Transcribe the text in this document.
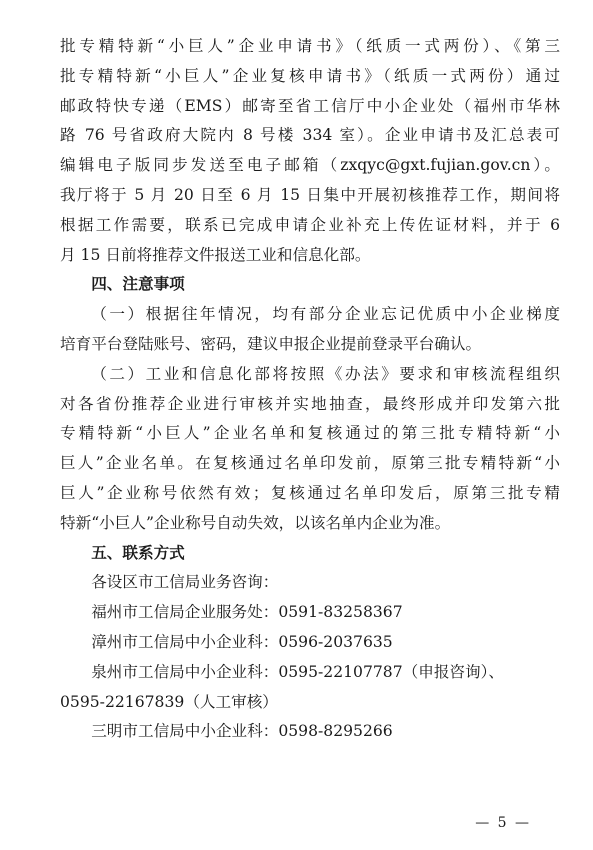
批专精特新“小巨人”企业申请书》（纸质一式两份）、《第三
批专精特新“小巨人”企业复核申请书》（纸质一式两份）通过
邮政特快专递（EMS）邮寄至省工信厅中小企业处（福州市华林
路 76 号省政府大院内 8 号楼 334 室）。企业申请书及汇总表可
编辑电子版同步发送至电子邮箱（zxqyc@gxt.fujian.gov.cn）。
我厅将于 5 月 20 日至 6 月 15 日集中开展初核推荐工作，期间将
根据工作需要，联系已完成申请企业补充上传佐证材料，并于 6
月 15 日前将推荐文件报送工业和信息化部。
四、注意事项
（一）根据往年情况，均有部分企业忘记优质中小企业梯度
培育平台登陆账号、密码，建议申报企业提前登录平台确认。
（二）工业和信息化部将按照《办法》要求和审核流程组织
对各省份推荐企业进行审核并实地抽查，最终形成并印发第六批
专精特新“小巨人”企业名单和复核通过的第三批专精特新“小
巨人”企业名单。在复核通过名单印发前，原第三批专精特新“小
巨人”企业称号依然有效；复核通过名单印发后，原第三批专精
特新“小巨人”企业称号自动失效，以该名单内企业为准。
五、联系方式
各设区市工信局业务咨询：
福州市工信局企业服务处：0591-83258367
漳州市工信局中小企业科：0596-2037635
泉州市工信局中小企业科：0595-22107787（申报咨询）、
0595-22167839（人工审核）
三明市工信局中小企业科：0598-8295266
— 5 —
